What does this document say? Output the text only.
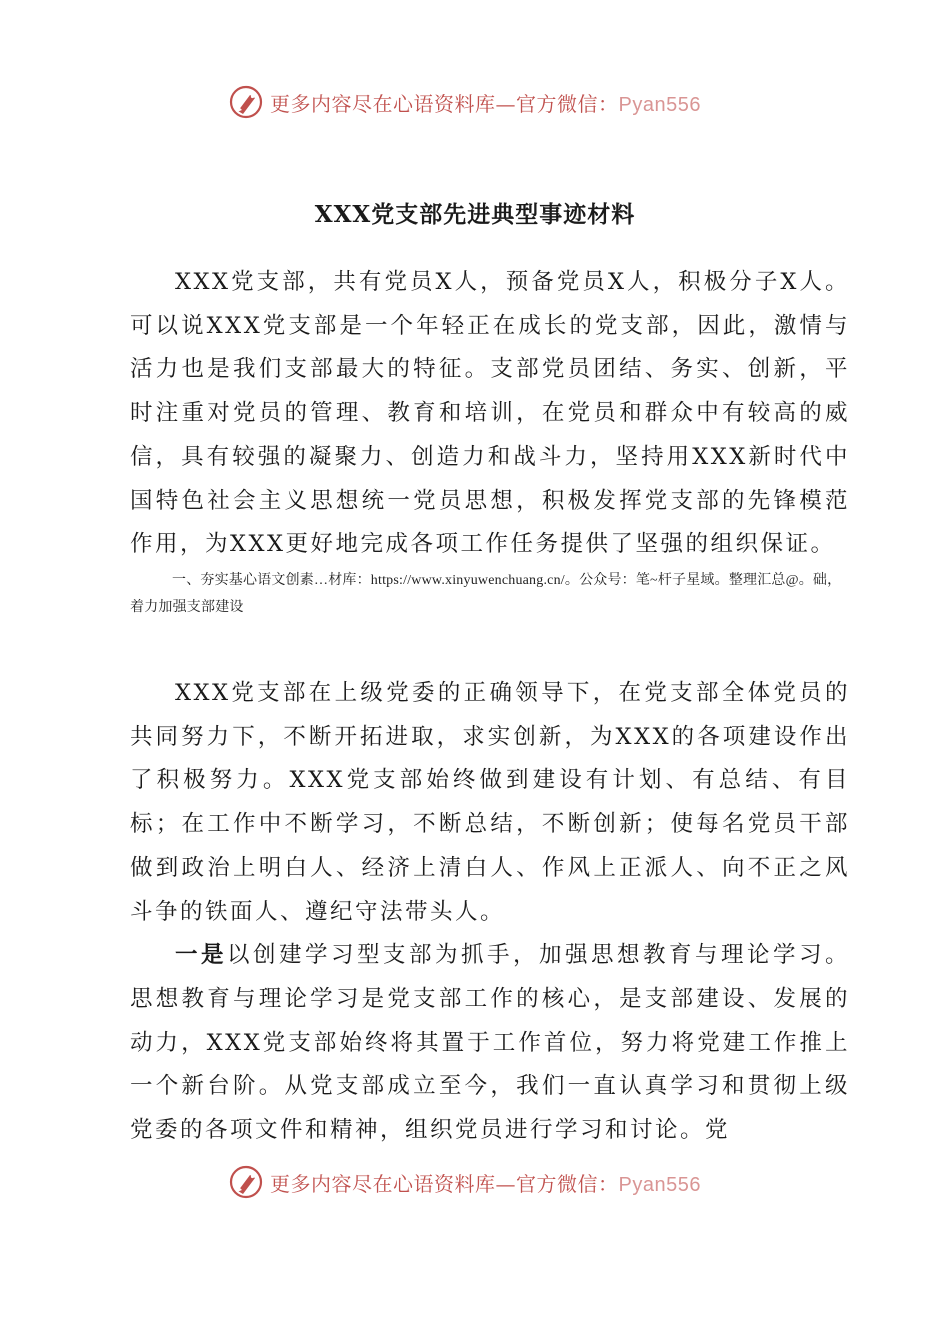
更多内容尽在心语资料库—官方微信：Pyan556
XXX党支部先进典型事迹材料

XXX党支部，共有党员X人，预备党员X人，积极分子X人。可以说XXX党支部是一个年轻正在成长的党支部，因此，激情与活力也是我们支部最大的特征。支部党员团结、务实、创新，平时注重对党员的管理、教育和培训，在党员和群众中有较高的威信，具有较强的凝聚力、创造力和战斗力，坚持用XXX新时代中国特色社会主义思想统一党员思想，积极发挥党支部的先锋模范作用，为XXX更好地完成各项工作任务提供了坚强的组织保证。

一、夯实基心语文创素…材库：https://www.xinyuwenchuang.cn/。公众号：笔~杆子星域。整理汇总@。础，着力加强支部建设

XXX党支部在上级党委的正确领导下，在党支部全体党员的共同努力下，不断开拓进取，求实创新，为XXX的各项建设作出了积极努力。XXX党支部始终做到建设有计划、有总结、有目标；在工作中不断学习，不断总结，不断创新；使每名党员干部做到政治上明白人、经济上清白人、作风上正派人、向不正之风斗争的铁面人、遵纪守法带头人。

一是以创建学习型支部为抓手，加强思想教育与理论学习。思想教育与理论学习是党支部工作的核心，是支部建设、发展的动力，XXX党支部始终将其置于工作首位，努力将党建工作推上一个新台阶。从党支部成立至今，我们一直认真学习和贯彻上级党委的各项文件和精神，组织党员进行学习和讨论。党

更多内容尽在心语资料库—官方微信：Pyan556
